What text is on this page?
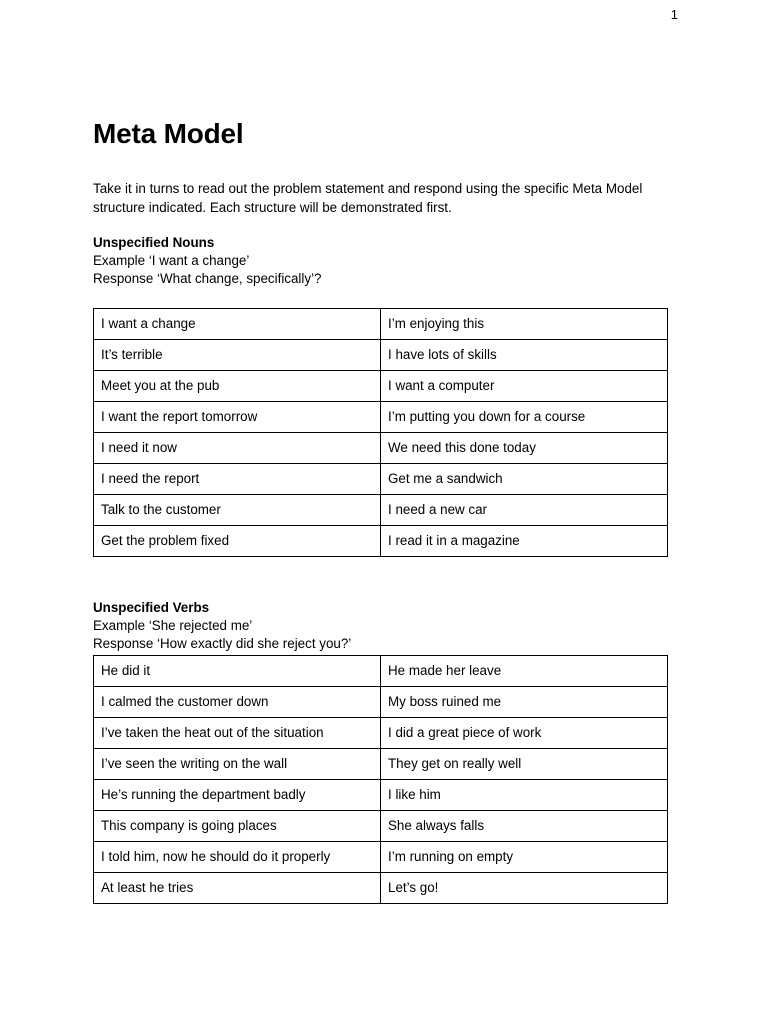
1
Meta Model

Take it in turns to read out the problem statement and respond using the specific Meta Model structure indicated. Each structure will be demonstrated first.

Unspecified Nouns

Example ‘I want a change’

Response ‘What change, specifically’?

I want a change	I’m enjoying this
It’s terrible	I have lots of skills
Meet you at the pub	I want a computer
I want the report tomorrow	I’m putting you down for a course
I need it now	We need this done today
I need the report	Get me a sandwich
Talk to the customer	I need a new car
Get the problem fixed	I read it in a magazine

Unspecified Verbs

Example ‘She rejected me’

Response ‘How exactly did she reject you?’

He did it	He made her leave
I calmed the customer down	My boss ruined me
I’ve taken the heat out of the situation	I did a great piece of work
I’ve seen the writing on the wall	They get on really well
He’s running the department badly	I like him
This company is going places	She always falls
I told him, now he should do it properly	I’m running on empty
At least he tries	Let’s go!
